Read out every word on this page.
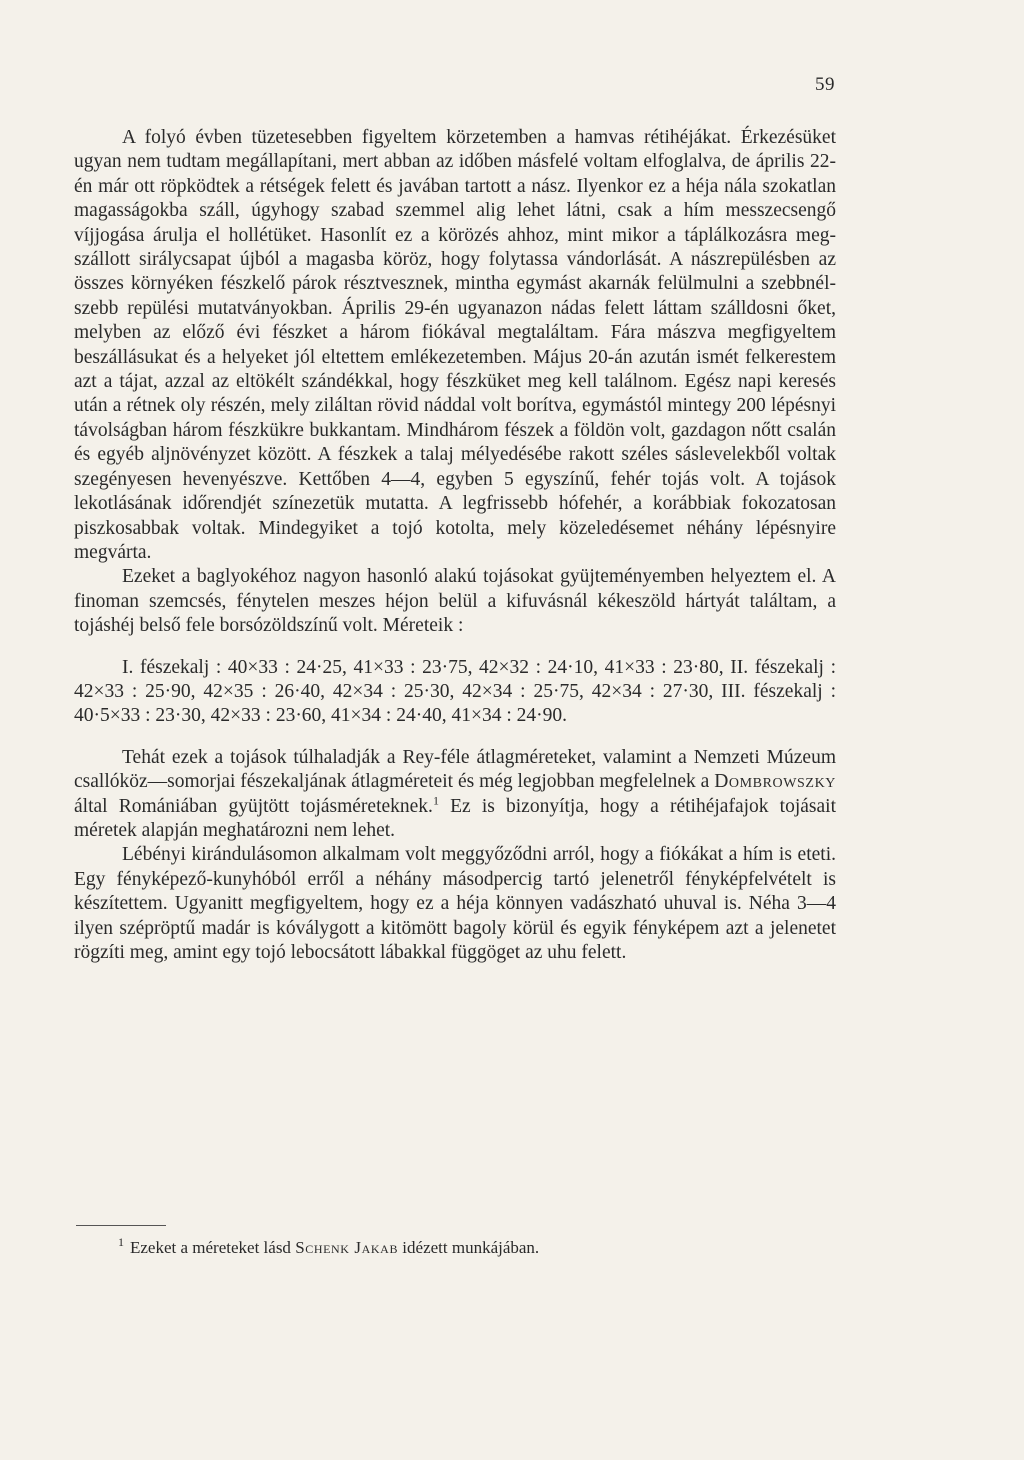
59

A folyó évben tüzetesebben figyeltem körzetemben a hamvas rétihéjákat. Érkezésüket ugyan nem tudtam megállapítani, mert abban az időben másfelé voltam elfoglalva, de április 22-én már ott röpködtek a rétségek felett és javában tartott a nász. Ilyenkor ez a héja nála szokatlan magasságokba száll, úgyhogy szabad szemmel alig lehet látni, csak a hím messzecsengő víjjogása árulja el hollétüket. Hasonlít ez a körözés ahhoz, mint mikor a táplálkozásra megszállott sirálycsapat újból a magasba köröz, hogy folytassa vándorlását. A nászrepülésben az összes környéken fészkelő párok résztvesznek, mintha egymást akarnák felülmulni a szebbnél-szebb repülési mutatványokban. Április 29-én ugyanazon nádas felett láttam szálldosni őket, melyben az előző évi fészket a három fiókával megtaláltam. Fára mászva megfigyeltem beszállásukat és a helyeket jól eltettem emlékezetemben. Május 20-án azután ismét felkerestem azt a tájat, azzal az eltökélt szándékkal, hogy fészküket meg kell találnom. Egész napi keresés után a rétnek oly részén, mely ziláltan rövid náddal volt borítva, egymástól mintegy 200 lépésnyi távolságban három fészkükre bukkantam. Mindhárom fészek a földön volt, gazdagon nőtt csalán és egyéb aljnövényzet között. A fészkek a talaj mélyedésébe rakott széles sáslevelekből voltak szegényesen hevenyészve. Kettőben 4—4, egyben 5 egyszínű, fehér tojás volt. A tojások lekotlásának időrendjét színezetük mutatta. A legfrissebb hófehér, a korábbiak fokozatosan piszkosabbak voltak. Mindegyiket a tojó kotolta, mely közeledésemet néhány lépésnyire megvárta.

Ezeket a baglyokéhoz nagyon hasonló alakú tojásokat gyüjteményemben helyeztem el. A finoman szemcsés, fénytelen meszes héjon belül a kifuvásnál kékeszöld hártyát találtam, a tojáshéj belső fele borsózöldszínű volt. Méreteik :

I. fészekalj : 40×33 : 24·25, 41×33 : 23·75, 42×32 : 24·10, 41×33 : 23·80, II. fészekalj : 42×33 : 25·90, 42×35 : 26·40, 42×34 : 25·30, 42×34 : 25·75, 42×34 : 27·30, III. fészekalj : 40·5×33 : 23·30, 42×33 : 23·60, 41×34 : 24·40, 41×34 : 24·90.

Tehát ezek a tojások túlhaladják a Rey-féle átlagméreteket, valamint a Nemzeti Múzeum csallóköz—somorjai fészekaljának átlagméreteit és még legjobban megfelelnek a Dombrowszky által Romániában gyüjtött tojásméreteknek.$^1$ Ez is bizonyítja, hogy a rétihéjafajok tojásait méretek alapján meghatározni nem lehet.

Lébényi kirándulásomon alkalmam volt meggyőződni arról, hogy a fiókákat a hím is eteti. Egy fényképező-kunyhóból erről a néhány másodpercig tartó jelenetről fényképfelvételt is készítettem. Ugyanitt megfigyeltem, hogy ez a héja könnyen vadászható uhuval is. Néha 3—4 ilyen szépröptű madár is kóválygott a kitömött bagoly körül és egyik fényképem azt a jelenetet rögzíti meg, amint egy tojó lebocsátott lábakkal függöget az uhu felett.

$^1$ Ezeket a méreteket lásd Schenk Jakab idézett munkájában.
